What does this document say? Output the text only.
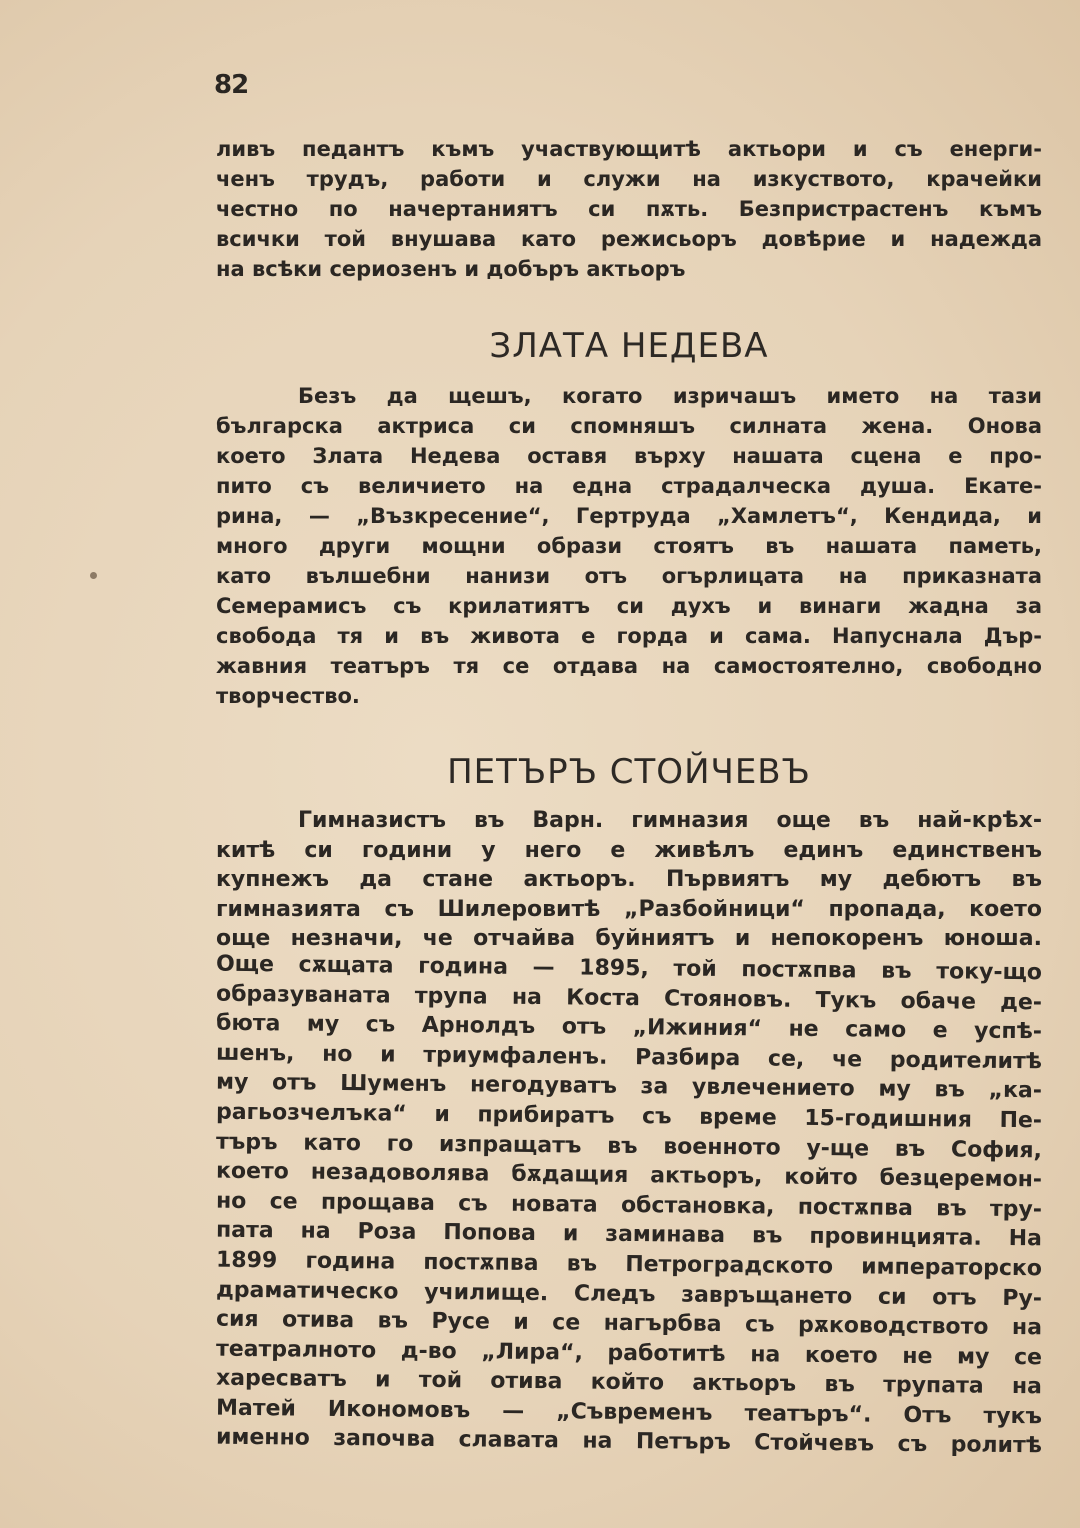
82
ливъ педантъ къмъ участвующитѣ актьори и съ енерги-
ченъ трудъ, работи и служи на изкуството, крачейки
честно по начертаниятъ си пѫть. Безпристрастенъ къмъ
всички той внушава като режисьоръ довѣрие и надежда
на всѣки сериозенъ и добъръ актьоръ
ЗЛАТА НЕДЕВА
Безъ да щешъ, когато изричашъ името на тази
българска актриса си спомняшъ силната жена. Онова
което Злата Недева оставя върху нашата сцена е про-
пито съ величието на една страдалческа душа. Екате-
рина, — „Възкресение“, Гертруда „Хамлетъ“, Кендида, и
много други мощни образи стоятъ въ нашата паметь,
като вълшебни нанизи отъ огърлицата на приказната
Семерамисъ съ крилатиятъ си духъ и винаги жадна за
свобода тя и въ живота е горда и сама. Напуснала Дър-
жавния театъръ тя се отдава на самостоятелно, свободно
творчество.
ПЕТЪРЪ СТОЙЧЕВЪ
Гимназистъ въ Варн. гимназия още въ най-крѣх-
китѣ си години у него е живѣлъ единъ единственъ
купнежъ да стане актьоръ. Първиятъ му дебютъ въ
гимназията съ Шилеровитѣ „Разбойници“ пропада, което
още незначи, че отчайва буйниятъ и непокоренъ юноша.
Още сѫщата година — 1895, той постѫпва въ току-що
образуваната трупа на Коста Стояновъ. Тукъ обаче де-
бюта му съ Арнолдъ отъ „Ижиния“ не само е успѣ-
шенъ, но и триумфаленъ. Разбира се, че родителитѣ
му отъ Шуменъ негодуватъ за увлечението му въ „ка-
рагьозчелъка“ и прибиратъ съ време 15-годишния Пе-
търъ като го изпращатъ въ военното у-ще въ София,
което незадоволява бѫдащия актьоръ, който безцеремон-
но се прощава съ новата обстановка, постѫпва въ тру-
пата на Роза Попова и заминава въ провинцията. На
1899 година постѫпва въ Петроградското императорско
драматическо училище. Следъ завръщането си отъ Ру-
сия отива въ Русе и се нагърбва съ рѫководството на
театралното д-во „Лира“, работитѣ на което не му се
харесватъ и той отива който актьоръ въ трупата на
Матей Икономовъ — „Съвременъ театъръ“. Отъ тукъ
именно започва славата на Петъръ Стойчевъ съ ролитѣ
